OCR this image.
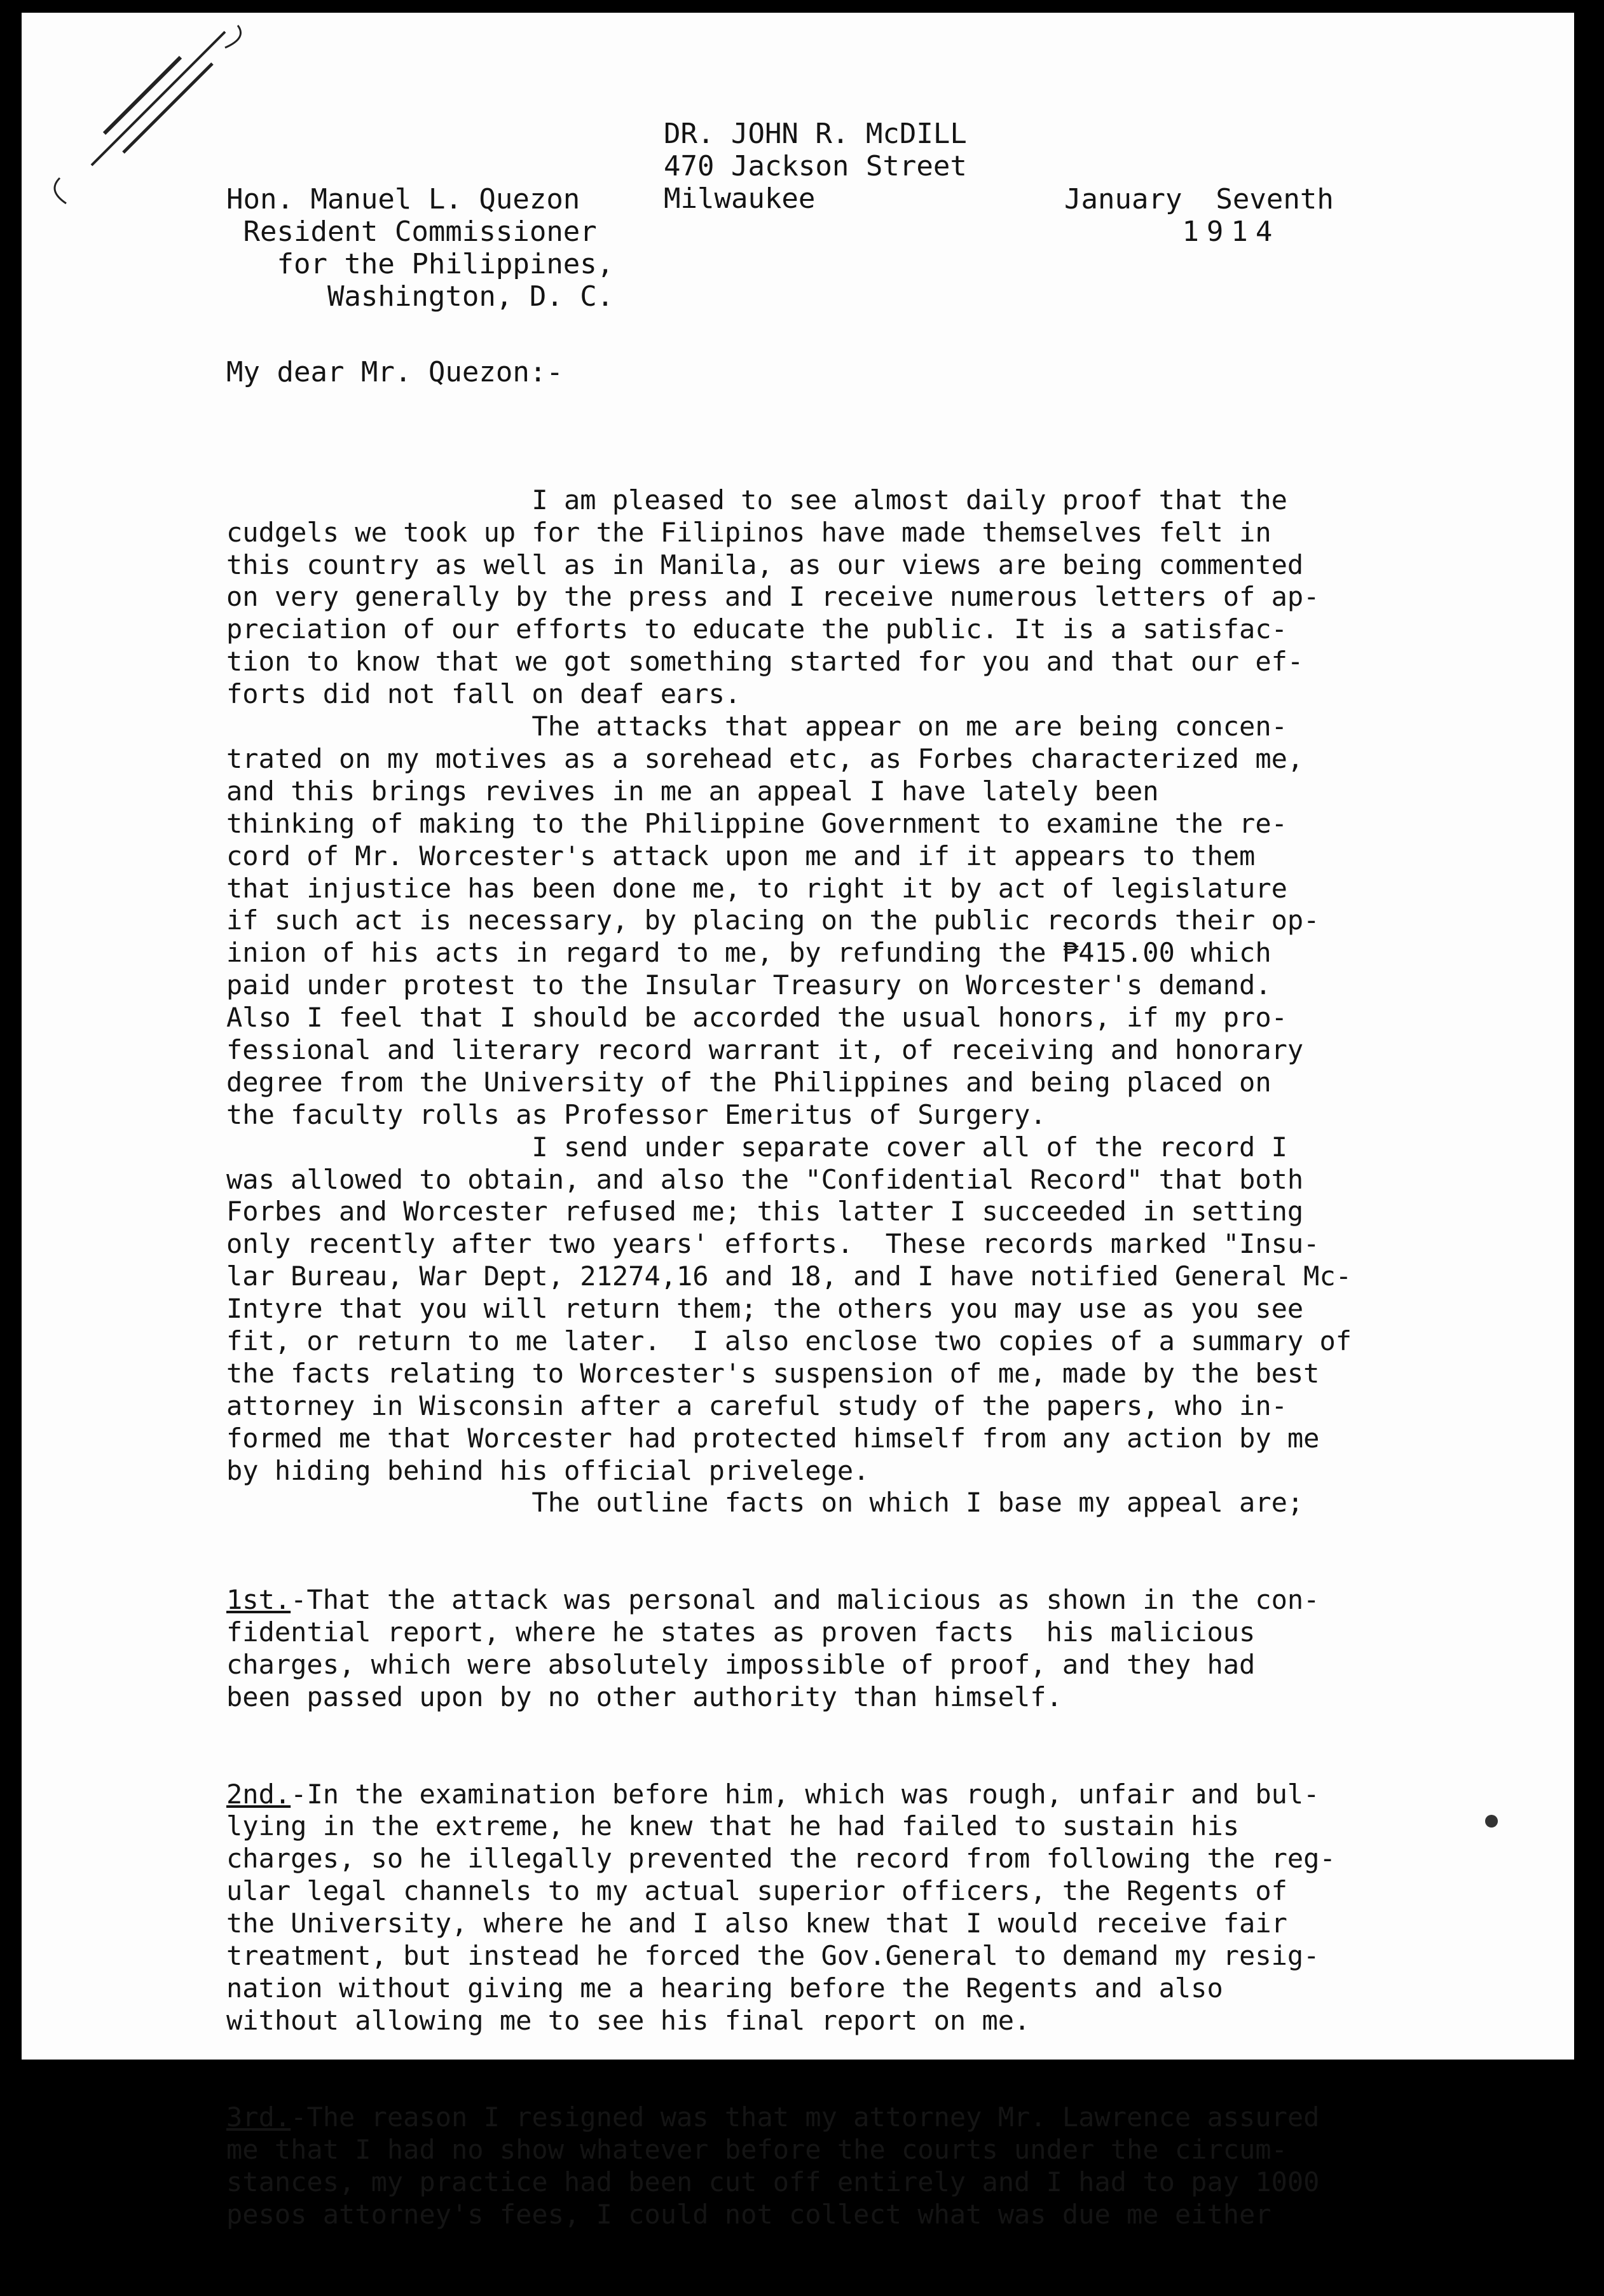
DR. JOHN R. McDILL
470 Jackson Street
Milwaukee
Hon. Manuel L. Quezon
Resident Commissioner
for the Philippines,
Washington, D. C.
January  Seventh
1914
My dear Mr. Quezon:-

I am pleased to see almost daily proof that the
cudgels we took up for the Filipinos have made themselves felt in
this country as well as in Manila, as our views are being commented
on very generally by the press and I receive numerous letters of ap-
preciation of our efforts to educate the public. It is a satisfac-
tion to know that we got something started for you and that our ef-
forts did not fall on deaf ears.
The attacks that appear on me are being concen-
trated on my motives as a sorehead etc, as Forbes characterized me,
and this brings revives in me an appeal I have lately been
thinking of making to the Philippine Government to examine the re-
cord of Mr. Worcester's attack upon me and if it appears to them
that injustice has been done me, to right it by act of legislature
if such act is necessary, by placing on the public records their op-
inion of his acts in regard to me, by refunding the ₱415.00 which
paid under protest to the Insular Treasury on Worcester's demand.
Also I feel that I should be accorded the usual honors, if my pro-
fessional and literary record warrant it, of receiving and honorary
degree from the University of the Philippines and being placed on
the faculty rolls as Professor Emeritus of Surgery.
I send under separate cover all of the record I
was allowed to obtain, and also the "Confidential Record" that both
Forbes and Worcester refused me; this latter I succeeded in setting
only recently after two years' efforts.  These records marked "Insu-
lar Bureau, War Dept, 21274,16 and 18, and I have notified General Mc-
Intyre that you will return them; the others you may use as you see
fit, or return to me later.  I also enclose two copies of a summary of
the facts relating to Worcester's suspension of me, made by the best
attorney in Wisconsin after a careful study of the papers, who in-
formed me that Worcester had protected himself from any action by me
by hiding behind his official privelege.
The outline facts on which I base my appeal are;

1st.-That the attack was personal and malicious as shown in the con-
fidential report, where he states as proven facts  his malicious
charges, which were absolutely impossible of proof, and they had
been passed upon by no other authority than himself.

2nd.-In the examination before him, which was rough, unfair and bul-
lying in the extreme, he knew that he had failed to sustain his
charges, so he illegally prevented the record from following the reg-
ular legal channels to my actual superior officers, the Regents of
the University, where he and I also knew that I would receive fair
treatment, but instead he forced the Gov.General to demand my resig-
nation without giving me a hearing before the Regents and also
without allowing me to see his final report on me.

3rd.-The reason I resigned was that my attorney Mr. Lawrence assured
me that I had no show whatever before the courts under the circum-
stances, my practice had been cut off entirely and I had to pay 1000
pesos attorney's fees, I could not collect what was due me either
